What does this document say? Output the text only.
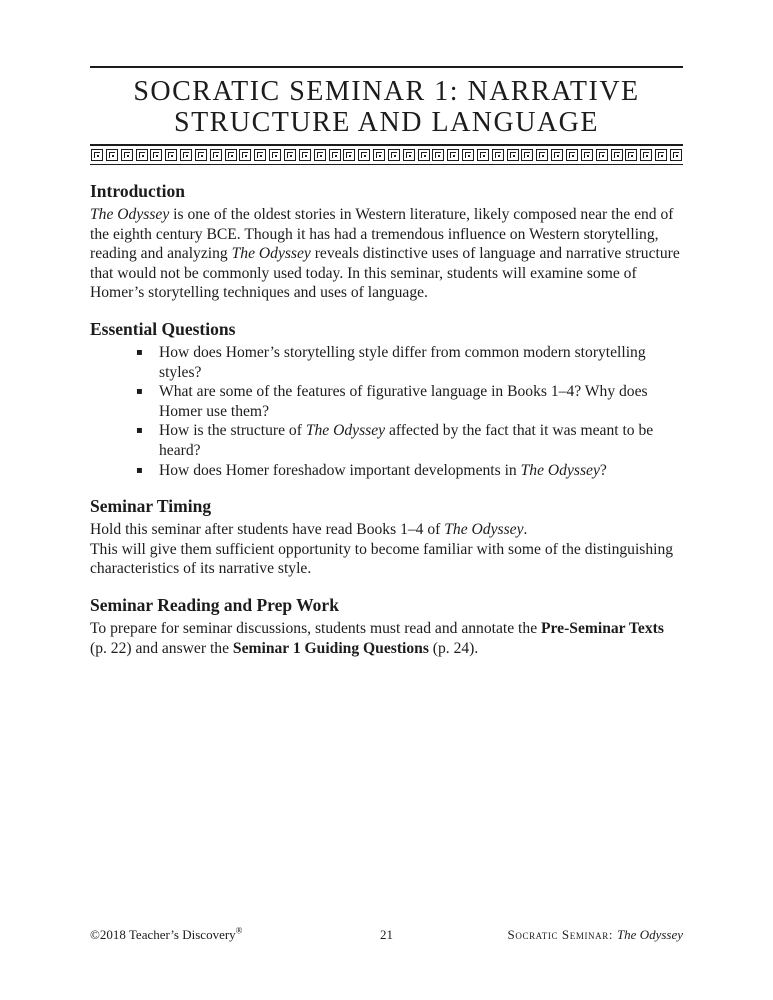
SOCRATIC SEMINAR 1: NARRATIVE
STRUCTURE AND LANGUAGE
Introduction

The Odyssey is one of the oldest stories in Western literature, likely composed near the end of the eighth century BCE. Though it has had a tremendous influence on Western storytelling, reading and analyzing The Odyssey reveals distinctive uses of language and narrative structure that would not be commonly used today. In this seminar, students will examine some of Homer’s storytelling techniques and uses of language.

Essential Questions
▪	How does Homer’s storytelling style differ from common modern storytelling styles?
▪	What are some of the features of figurative language in Books 1–4? Why does Homer use them?
▪	How is the structure of The Odyssey affected by the fact that it was meant to be heard?
▪	How does Homer foreshadow important developments in The Odyssey?
Seminar Timing

Hold this seminar after students have read Books 1–4 of The Odyssey.
This will give them sufficient opportunity to become familiar with some of the distinguishing characteristics of its narrative style.

Seminar Reading and Prep Work

To prepare for seminar discussions, students must read and annotate the Pre-Seminar Texts (p. 22) and answer the Seminar 1 Guiding Questions (p. 24).

©2018 Teacher’s Discovery®	21	Socratic Seminar: The Odyssey
